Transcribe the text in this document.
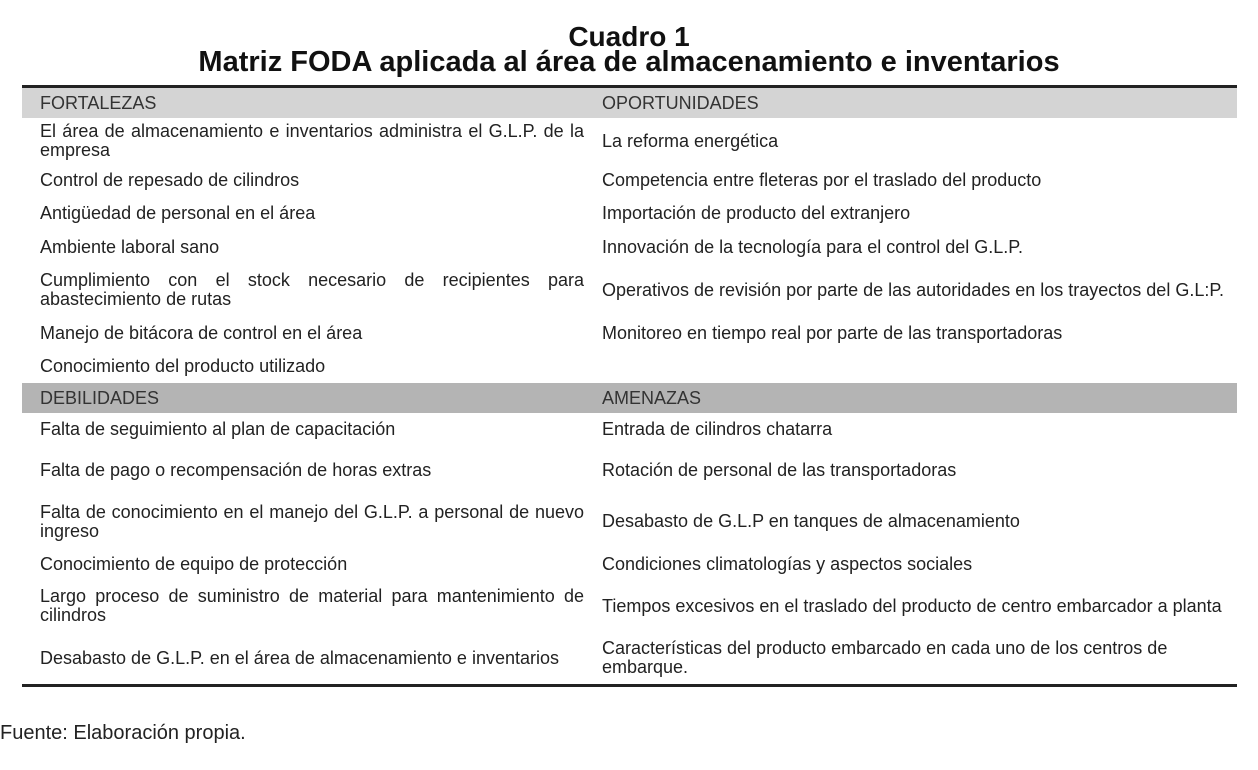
Cuadro 1
Matriz FODA aplicada al área de almacenamiento e inventarios
FORTALEZAS	OPORTUNIDADES
El área de almacenamiento e inventarios administra el G.L.P. de la empresa	La reforma energética
Control de repesado de cilindros	Competencia entre fleteras por el traslado del producto
Antigüedad de personal en el área	Importación de producto del extranjero
Ambiente laboral sano	Innovación de la tecnología para el control del G.L.P.
Cumplimiento con el stock necesario de recipientes para abastecimiento de rutas	Operativos de revisión por parte de las autoridades en los trayectos del G.L:P.
Manejo de bitácora de control en el área	Monitoreo en tiempo real por parte de las transportadoras
Conocimiento del producto utilizado
DEBILIDADES	AMENAZAS
Falta de seguimiento al plan de capacitación	Entrada de cilindros chatarra
Falta de pago o recompensación de horas extras	Rotación de personal de las transportadoras
Falta de conocimiento en el manejo del G.L.P. a personal de nuevo ingreso	Desabasto de G.L.P en tanques de almacenamiento
Conocimiento de equipo de protección	Condiciones climatologías y aspectos sociales
Largo proceso de suministro de material para mantenimiento de cilindros	Tiempos excesivos en el traslado del producto de centro embarcador a planta
Desabasto de G.L.P. en el área de almacenamiento e inventarios	Características del producto embarcado en cada uno de los centros de embarque.
Fuente: Elaboración propia.
